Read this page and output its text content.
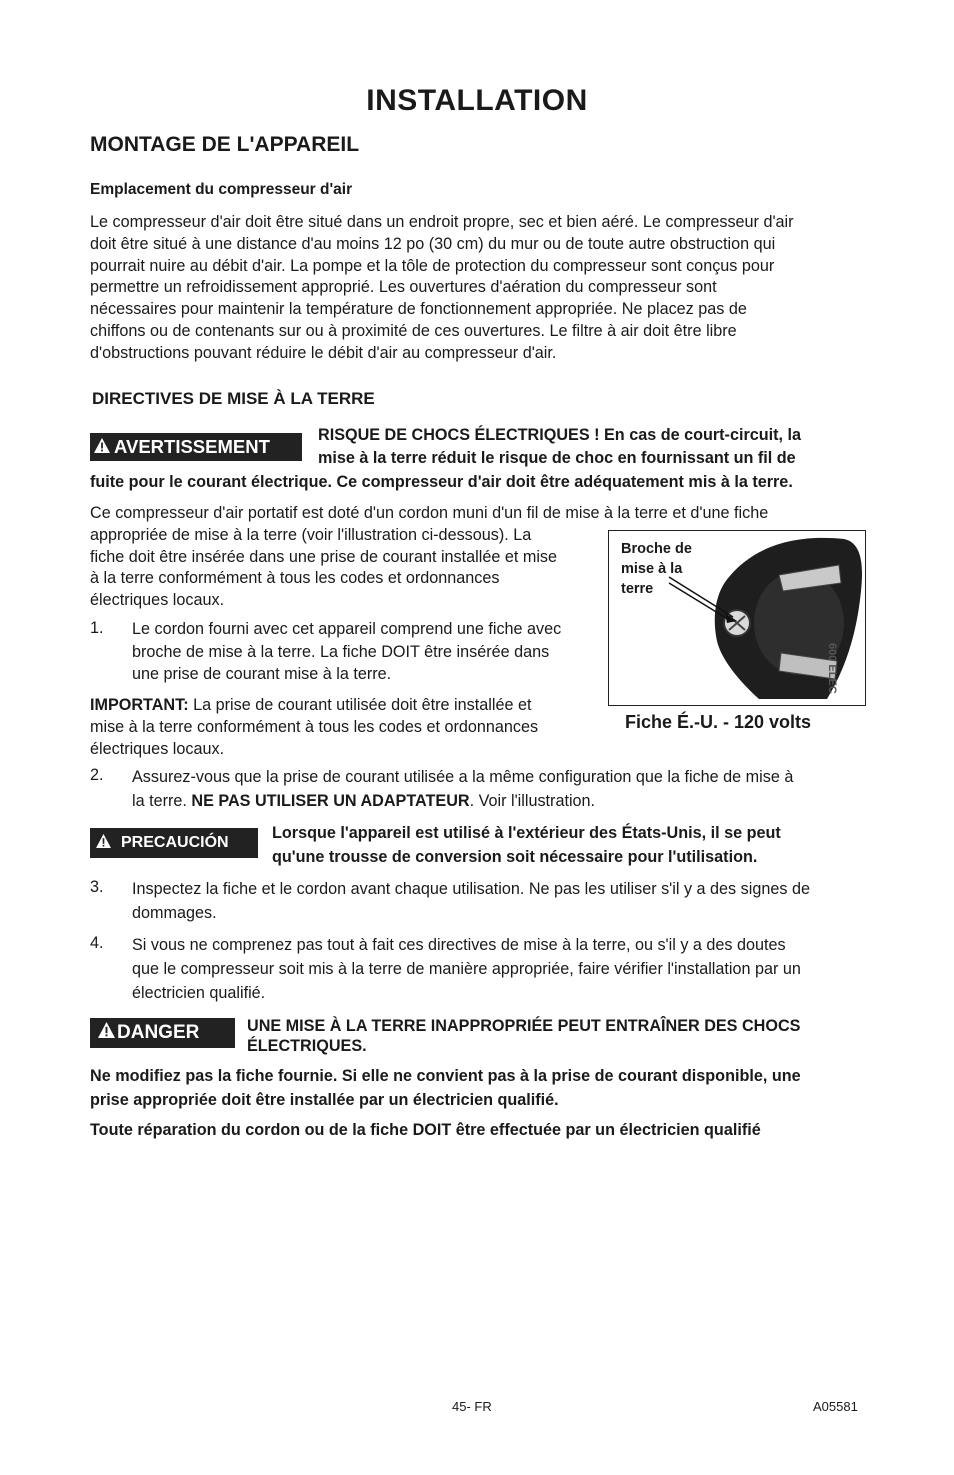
INSTALLATION
MONTAGE DE L'APPAREIL
Emplacement du compresseur d'air
Le compresseur d'air doit être situé dans un endroit propre, sec et bien aéré. Le compresseur d'air
doit être situé à une distance d'au moins 12 po (30 cm) du mur ou de toute autre obstruction qui
pourrait nuire au débit d'air. La pompe et la tôle de protection du compresseur sont conçus pour
permettre un refroidissement approprié. Les ouvertures d'aération du compresseur sont
nécessaires pour maintenir la température de fonctionnement appropriée. Ne placez pas de
chiffons ou de contenants sur ou à proximité de ces ouvertures. Le filtre à air doit être libre
d'obstructions pouvant réduire le débit d'air au compresseur d'air.
DIRECTIVES DE MISE À LA TERRE
AVERTISSEMENT
RISQUE DE CHOCS ÉLECTRIQUES ! En cas de court-circuit, la
mise à la terre réduit le risque de choc en fournissant un fil de
fuite pour le courant électrique. Ce compresseur d'air doit être adéquatement mis à la terre.
Ce compresseur d'air portatif est doté d'un cordon muni d'un fil de mise à la terre et d'une fiche
appropriée de mise à la terre (voir l'illustration ci-dessous). La
fiche doit être insérée dans une prise de courant installée et mise
à la terre conformément à tous les codes et ordonnances
électriques locaux.
1. Le cordon fourni avec cet appareil comprend une fiche avec
broche de mise à la terre. La fiche DOIT être insérée dans
une prise de courant mise à la terre.
IMPORTANT: La prise de courant utilisée doit être installée et
mise à la terre conformément à tous les codes et ordonnances
électriques locaux.
600 ELEC
Broche de
mise à la
terre
Fiche É.-U. - 120 volts
2. Assurez-vous que la prise de courant utilisée a la même configuration que la fiche de mise à
la terre. NE PAS UTILISER UN ADAPTATEUR. Voir l'illustration.
PRECAUCIÓN
Lorsque l'appareil est utilisé à l'extérieur des États-Unis, il se peut
qu'une trousse de conversion soit nécessaire pour l'utilisation.
3. Inspectez la fiche et le cordon avant chaque utilisation. Ne pas les utiliser s'il y a des signes de
dommages.
4. Si vous ne comprenez pas tout à fait ces directives de mise à la terre, ou s'il y a des doutes
que le compresseur soit mis à la terre de manière appropriée, faire vérifier l'installation par un
électricien qualifié.
DANGER	UNE MISE À LA TERRE INAPPROPRIÉE PEUT ENTRAÎNER DES CHOCS
ÉLECTRIQUES.
Ne modifiez pas la fiche fournie. Si elle ne convient pas à la prise de courant disponible, une
prise appropriée doit être installée par un électricien qualifié.
Toute réparation du cordon ou de la fiche DOIT être effectuée par un électricien qualifié
45- FR	A05581
